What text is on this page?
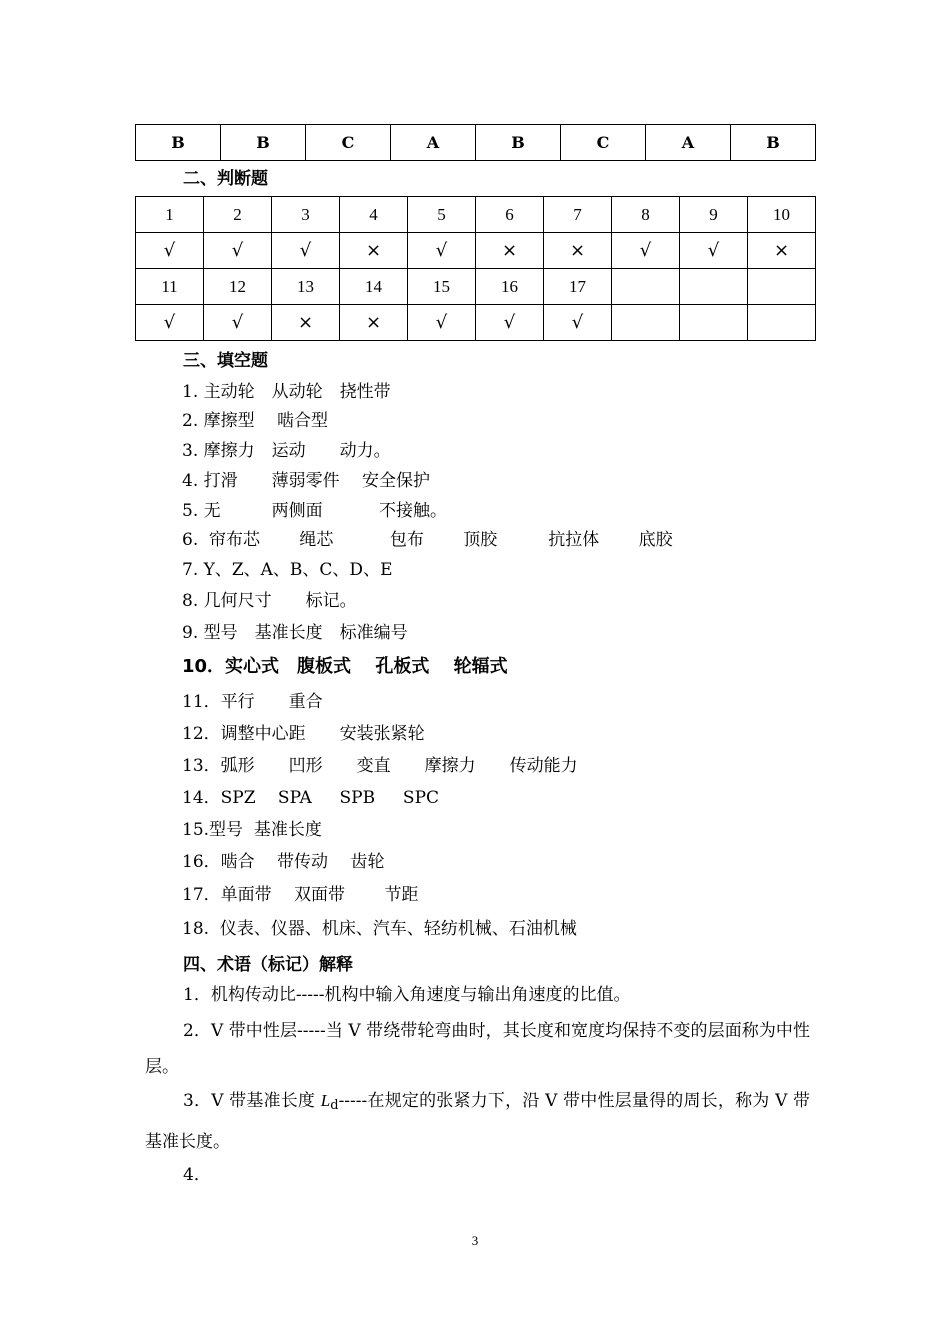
B	B	C	A	B	C	A	B
二、判断题
1	2	3	4	5	6	7	8	9	10
√	√	√	×	√	×	×	√	√	×
11	12	13	14	15	16	17			
√	√	×	×	√	√	√			
三、填空题
1. 主动轮　从动轮　挠性带
2. 摩擦型　 啮合型
3. 摩擦力　运动　　动力。
4. 打滑　　薄弱零件　 安全保护
5. 无　　　两侧面　　　 不接触。
6.  帘布芯　　 绳芯　　　 包布　　 顶胶　　　抗拉体　　 底胶
7. Y、Z、A、B、C、D、E
8. 几何尺寸　　标记。
9. 型号　基准长度　标准编号
10．实心式　腹板式　 孔板式　 轮辐式
11．平行　　重合
12．调整中心距　　安装张紧轮
13．弧形　　凹形　　变直　　摩擦力　　传动能力
14．SPZ　 SPA　  SPB　  SPC
15.型号  基准长度
16．啮合　 带传动　 齿轮
17．单面带　 双面带　　 节距
18.  仪表、仪器、机床、汽车、轻纺机械、石油机械
四、术语（标记）解释
1．机构传动比-----机构中输入角速度与输出角速度的比值。
2．V 带中性层-----当 V 带绕带轮弯曲时，其长度和宽度均保持不变的层面称为中性层。
3．V 带基准长度 $L_d-----$在规定的张紧力下，沿 V 带中性层量得的周长，称为 V 带基准长度。
4．
3
